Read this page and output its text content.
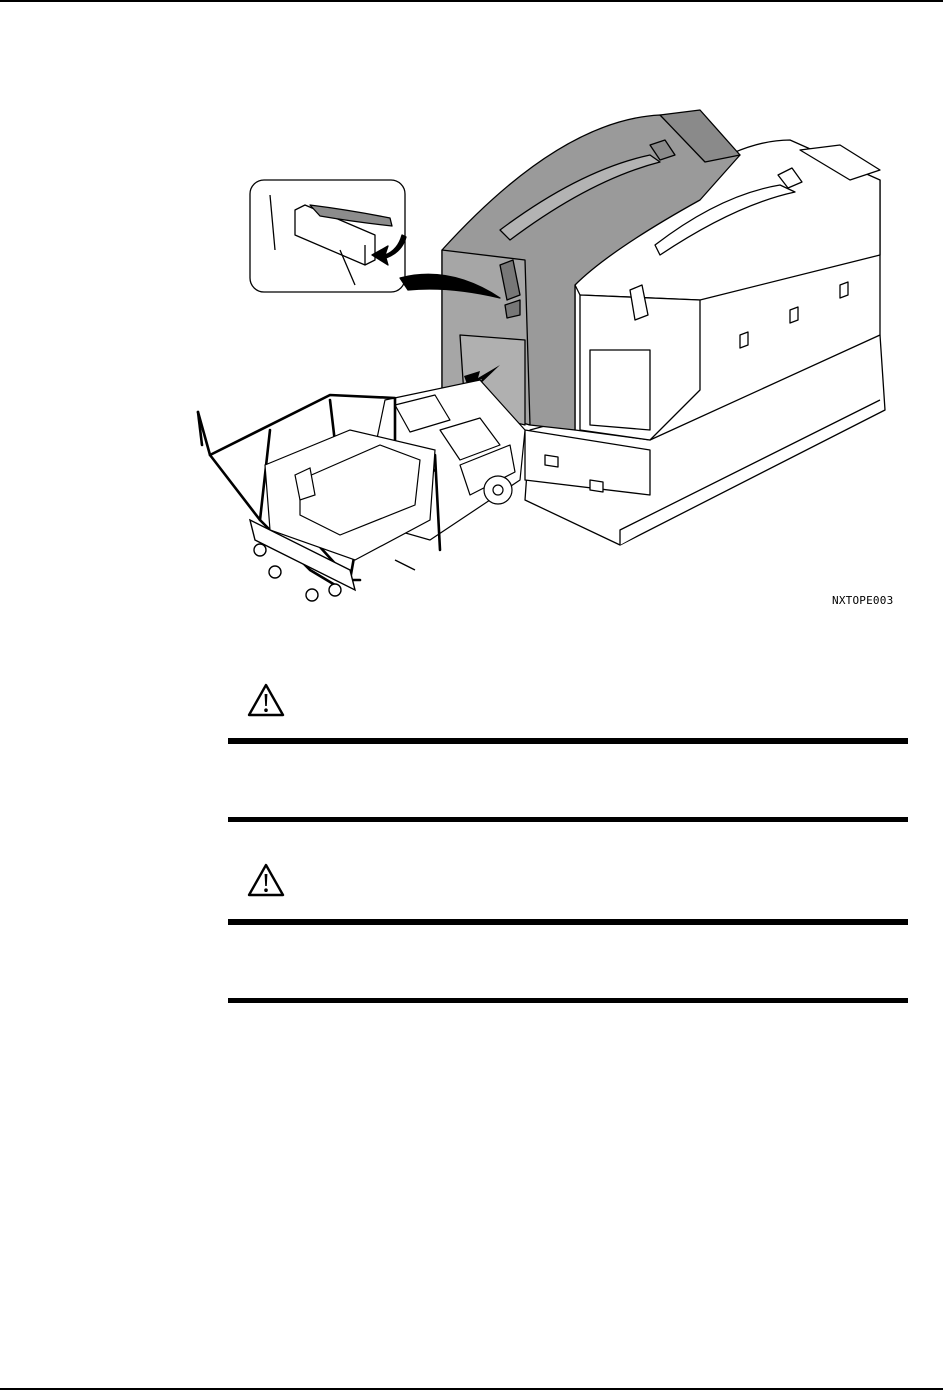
NXTOPE003
